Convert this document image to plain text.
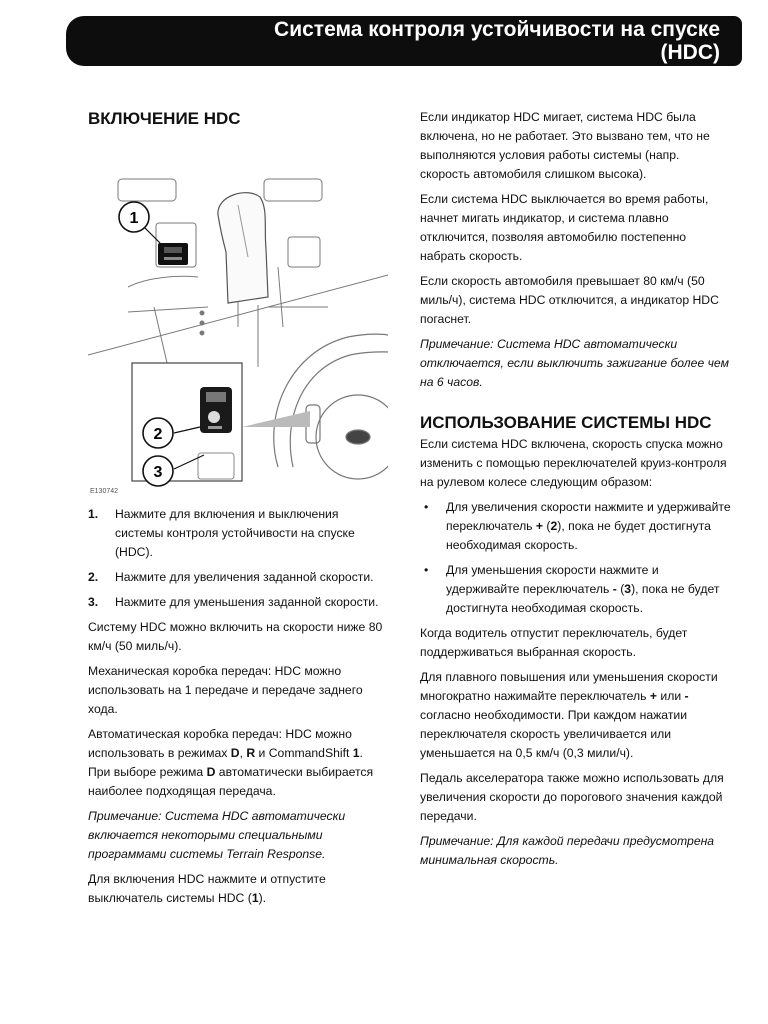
Система контроля устойчивости на спуске
(HDC)
ВКЛЮЧЕНИЕ HDC
1
2
3
E130742
1. Нажмите для включения и выключения системы контроля устойчивости на спуске (HDC).
2. Нажмите для увеличения заданной скорости.
3. Нажмите для уменьшения заданной скорости.

Систему HDC можно включить на скорости ниже 80 км/ч (50 миль/ч).

Механическая коробка передач: HDC можно использовать на 1 передаче и передаче заднего хода.

Автоматическая коробка передач: HDC можно использовать в режимах D, R и CommandShift 1. При выборе режима D автоматически выбирается наиболее подходящая передача.

Примечание: Система HDC автоматически включается некоторыми специальными программами системы Terrain Response.

Для включения HDC нажмите и отпустите выключатель системы HDC (1).

Если индикатор HDC мигает, система HDC была включена, но не работает. Это вызвано тем, что не выполняются условия работы системы (напр. скорость автомобиля слишком высока).

Если система HDC выключается во время работы, начнет мигать индикатор, и система плавно отключится, позволяя автомобилю постепенно набрать скорость.

Если скорость автомобиля превышает 80 км/ч (50 миль/ч), система HDC отключится, а индикатор HDC погаснет.

Примечание: Система HDC автоматически отключается, если выключить зажигание более чем на 6 часов.

ИСПОЛЬЗОВАНИЕ СИСТЕМЫ HDC

Если система HDC включена, скорость спуска можно изменить с помощью переключателей круиз-контроля на рулевом колесе следующим образом:

• Для увеличения скорости нажмите и удерживайте переключатель + (2), пока не будет достигнута необходимая скорость.
• Для уменьшения скорости нажмите и удерживайте переключатель - (3), пока не будет достигнута необходимая скорость.

Когда водитель отпустит переключатель, будет поддерживаться выбранная скорость.

Для плавного повышения или уменьшения скорости многократно нажимайте переключатель + или - согласно необходимости. При каждом нажатии переключателя скорость увеличивается или уменьшается на 0,5 км/ч (0,3 мили/ч).

Педаль акселератора также можно использовать для увеличения скорости до порогового значения каждой передачи.

Примечание: Для каждой передачи предусмотрена минимальная скорость.
